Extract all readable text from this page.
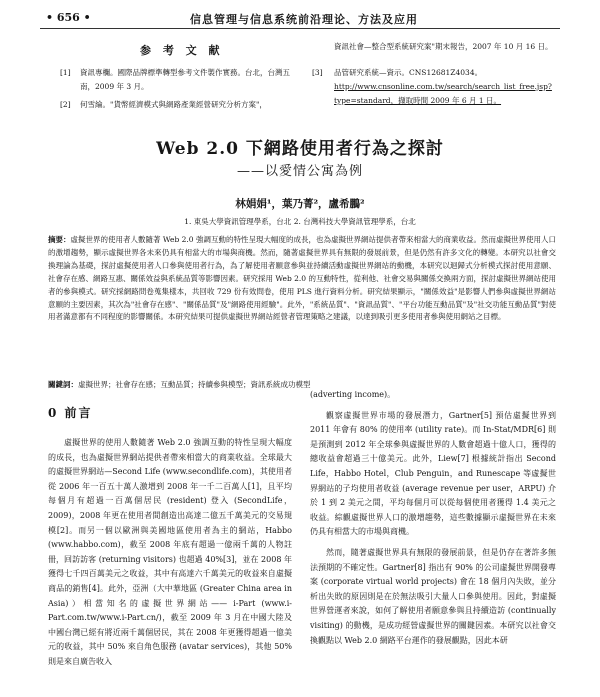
• 656 •	信息管理与信息系统前沿理论、方法及应用
参 考 文 献
[1] 資訊專欄。國際品牌標準轉型參考文件製作實務。台北，台灣五南，2009 年 3 月。
[2] 何雪綸。"貨幣經濟模式與網路產業經營研究分析方案"，
資訊社會—整合型系統研究案"期末報告，2007 年 10 月 16 日。
[3] 品管研究系統—資示。CNS12681Z4034。 http://www.cnsonline.com.tw/search/search_list_free.jsp? type=standard，擷取時間 2009 年 6 月 1 日。
Web 2.0 下網路使用者行為之探討
——以愛情公寓為例
林娟娟¹，葉乃菁²，盧希鵬²
1. 東吳大學資訊管理學系，台北 2. 台灣科技大學資訊管理學系，台北
摘要：虛擬世界的使用者人數隨著 Web 2.0 強調互動的特性呈現大幅度的成長，也為虛擬世界網站提供者帶來相當大的商業收益。然而虛擬世界使用人口的激增趨勢，顯示虛擬世界各未來仍具有相當大的市場與商機。然而，隨著虛擬世界具有無限的發展前景，但是仍然有許多文化的轉變。本研究以社會交換理論為基礎，探討虛擬使用者人口參與使用者行為，為了解使用者願意參與並持續活動虛擬世界網站的動機，本研究以迴歸式分析模式探討使用意願、社會存在感、網路互惠、關係效益與系統品質等影響因素。研究採用 Web 2.0 的互動特性，從利他、社會交易與關係交換兩方面，探討虛擬世界網站使用者的參與模式。研究採網路問卷蒐集樣本，共回收 729 份有效問卷，使用 PLS 進行資料分析。研究結果顯示，"關係效益"是影響人們參與虛擬世界網站意願的主要因素，其次為"社會存在感"、"關係品質"及"網路使用經驗"。此外，"系統品質"、"資訊品質"、"平台功能互動品質"及"社交功能互動品質"對使用者滿意都有不同程度的影響關係。本研究結果可提供虛擬世界網站經營者管理策略之建議，以達到吸引更多使用者參與使用網站之目標。
關鍵詞：虛擬世界；社會存在感；互動品質；持續參與模型；資訊系統成功模型
0 前言

虛擬世界的使用人數隨著 Web 2.0 強調互動的特性呈現大幅度的成長，也為虛擬世界網站提供者帶來相當大的商業收益。全球最大的虛擬世界網站—Second Life (www.secondlife.com)，其使用者從 2006 年一百五十萬人激增到 2008 年一千二百萬人[1]，且平均每個月有超過一百萬個居民 (resident) 登入 (SecondLife，2009)，2008 年更在使用者間創造出高達二億五千萬美元的交易規模[2]。而另一個以歐洲與美國地區使用者為主的網站，Habbo (www.habbo.com)，截至 2008 年底有超過一億兩千萬的人物註冊，回訪訪客 (returning visitors) 也超過 40%[3]，並在 2008 年獲得七千四百萬美元之收益，其中有高達六千萬美元的收益來自虛擬商品的銷售[4]。此外，亞洲（大中華地區 (Greater China area in Asia)）相當知名的虛擬世界網站—— i-Part (www.i-Part.com.tw/www.i-Part.cn/)，截至 2009 年 3 月在中國大陸及中國台灣已經有將近兩千萬個居民，其在 2008 年更獲得超過一億美元的收益，其中 50% 來自角色服務 (avatar services)，其他 50% 則是來自廣告收入

(adverting income)。

觀察虛擬世界市場的發展潛力，Gartner[5] 預估虛擬世界到 2011 年會有 80% 的使用率 (utility rate)。而 In-Stat/MDR[6] 則是預測到 2012 年全球參與虛擬世界的人數會超過十億人口，獲得的總收益會超過三十億美元。此外，Liew[7] 根據統計指出 Second Life，Habbo Hotel，Club Penguin，and Runescape 等虛擬世界網站的子均使用者收益 (average revenue per user，ARPU) 介於 1 到 2 美元之間，平均每個月可以從每個使用者獲得 1.4 美元之收益。綜觀虛擬世界人口的激增趨勢，這些數據顯示虛擬世界在未來仍具有相當大的市場與商機。

然而，隨著虛擬世界具有無限的發展前景，但是仍存在著許多無法預期的不確定性。Gartner[8] 指出有 90% 的公司虛擬世界開發專案 (corporate virtual world projects) 會在 18 個月內失敗，並分析出失敗的原因則是在於無法吸引大量人口參與使用。因此，對虛擬世界營運者來說，如何了解使用者願意參與且持續造訪 (continually visiting) 的動機，是成功經營虛擬世界的關鍵因素。本研究以社會交換觀點以 Web 2.0 網路平台運作的發展觀點，因此本研
